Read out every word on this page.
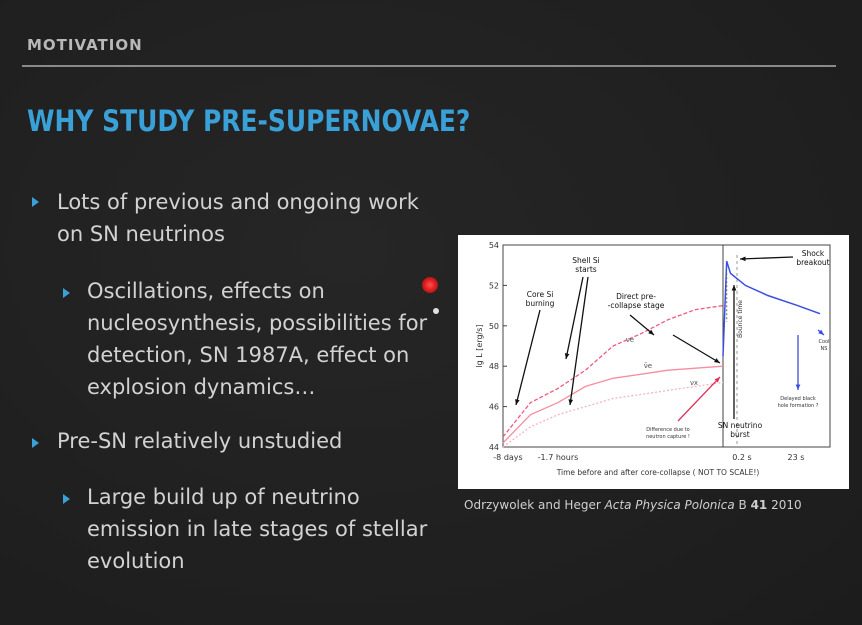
MOTIVATION
WHY STUDY PRE-SUPERNOVAE?
Lots of previous and ongoing work
on SN neutrinos
Oscillations, effects on
nucleosynthesis, possibilities for
detection, SN 1987A, effect on
explosion dynamics…
Pre-SN relatively unstudied
Large build up of neutrino
emission in late stages of stellar
evolution
44
46
48
50
52
54
-8 days -1.7 hours	0.2 s	23 s
Time before and after core-collapse ( NOT TO SCALE!)
lg L [erg/s]
Core Si
burning
Shell Si
starts
Direct pre-
-collapse stage
Shock
breakout
SN neutrino
burst
Difference due to
neutron capture !
Bounce time
Delayed black
hole formation ?
Cool
NS
νe
ν̄e
νx
Odrzywolek and Heger Acta Physica Polonica B 41 2010
